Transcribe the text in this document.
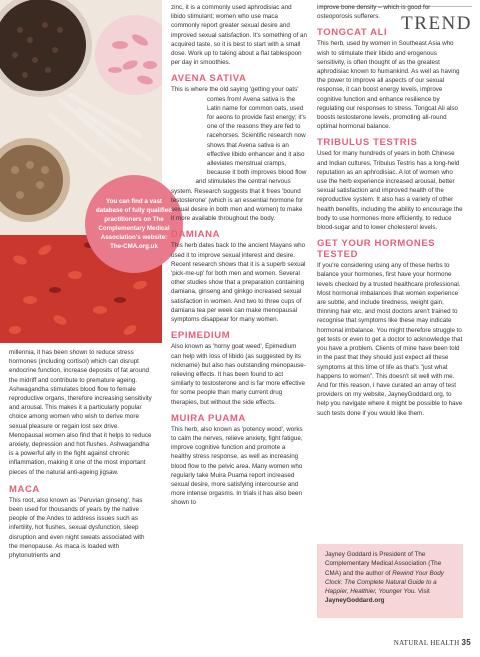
You can find a vast database of fully qualified practitioners on The Complementary Medical Association's website: The-CMA.org.uk
TREND

millennia, it has been shown to reduce stress hormones (including cortisol) which can disrupt endocrine function, increase deposits of fat around the midriff and contribute to premature ageing. Ashwagandha stimulates blood flow to female reproductive organs, therefore increasing sensitivity and arousal. This makes it a particularly popular choice among women who wish to derive more sexual pleasure or regain lost sex drive. Menopausal women also find that it helps to reduce anxiety, depression and hot flushes. Ashwagandha is a powerful ally in the fight against chronic inflammation, making it one of the most important pieces of the natural anti-ageing jigsaw.

MACA

This root, also known as 'Peruvian ginseng', has been used for thousands of years by the native people of the Andes to address issues such as infertility, hot flushes, sexual dysfunction, sleep disruption and even night sweats associated with the menopause. As maca is loaded with phytonutrients and

zinc, it is a commonly used aphrodisiac and libido stimulant; women who use maca commonly report greater sexual desire and improved sexual satisfaction. It's something of an acquired taste, so it is best to start with a small dose. Work up to taking about a flat tablespoon per day in smoothies.

AVENA SATIVA

This is where the old saying 'getting your oats' comes from! Avena sativa is the Latin name for common oats, used for aeons to provide fast energy; it's one of the reasons they are fed to racehorses. Scientific research now shows that Avena sativa is an effective libido enhancer and it also alleviates menstrual cramps, because it both improves blood flow and stimulates the central nervous system. Research suggests that it frees 'bound testosterone' (which is an essential hormone for sexual desire in both men and women) to make it more available throughout the body.

DAMIANA

This herb dates back to the ancient Mayans who used it to improve sexual interest and desire. Recent research shows that it is a superb sexual 'pick-me-up' for both men and women. Several other studies show that a preparation containing damiana, ginseng and ginkgo increased sexual satisfaction in women. And two to three cups of damiana tea per week can make menopausal symptoms disappear for many women.

EPIMEDIUM

Also known as 'horny goat weed', Epimedium can help with loss of libido (as suggested by its nickname) but also has outstanding menopause-relieving effects. It has been found to act similarly to testosterone and is far more effective for some people than many current drug therapies, but without the side effects.

MUIRA PUAMA

This herb, also known as 'potency wood', works to calm the nerves, relieve anxiety, fight fatigue, improve cognitive function and promote a healthy stress response, as well as increasing blood flow to the pelvic area. Many women who regularly take Muira Puama report increased sexual desire, more satisfying intercourse and more intense orgasms. In trials it has also been shown to

improve bone density – which is good for osteoporosis sufferers.

TONGCAT ALI

This herb, used by women in Southeast Asia who wish to stimulate their libido and erogenous sensitivity, is often thought of as the greatest aphrodisiac known to humankind. As well as having the power to improve all aspects of our sexual response, it can boost energy levels, improve cognitive function and enhance resilience by regulating our responses to stress. Tongcat Ali also boosts testosterone levels, promoting all-round optimal hormonal balance.

TRIBULUS TESTRIS

Used for many hundreds of years in both Chinese and Indian cultures, Tribulus Testris has a long-held reputation as an aphrodisiac. A lot of women who use the herb experience increased arousal, better sexual satisfaction and improved health of the reproductive system. It also has a variety of other health benefits, including the ability to encourage the body to use hormones more efficiently, to reduce blood-sugar and to lower cholesterol levels.

GET YOUR HORMONES TESTED

If you're considering using any of these herbs to balance your hormones, first have your hormone levels checked by a trusted healthcare professional. Most hormonal imbalances that women experience are subtle, and include tiredness, weight gain, thinning hair etc, and most doctors aren't trained to recognise that symptoms like these may indicate hormonal imbalance. You might therefore struggle to get tests or even to get a doctor to acknowledge that you have a problem. Clients of mine have been told in the past that they should just expect all these symptoms at this time of life as that's "just what happens to women". This doesn't sit well with me. And for this reason, I have curated an array of test providers on my website, JayneyGoddard.org, to help you navigate where it might be possible to have such tests done if you would like them.

Jayney Goddard is President of The Complementary Medical Association (The CMA) and the author of Rewind Your Body Clock: The Complete Natural Guide to a Happier, Healthier, Younger You. Visit JayneyGoddard.org
NATURAL HEALTH 35
